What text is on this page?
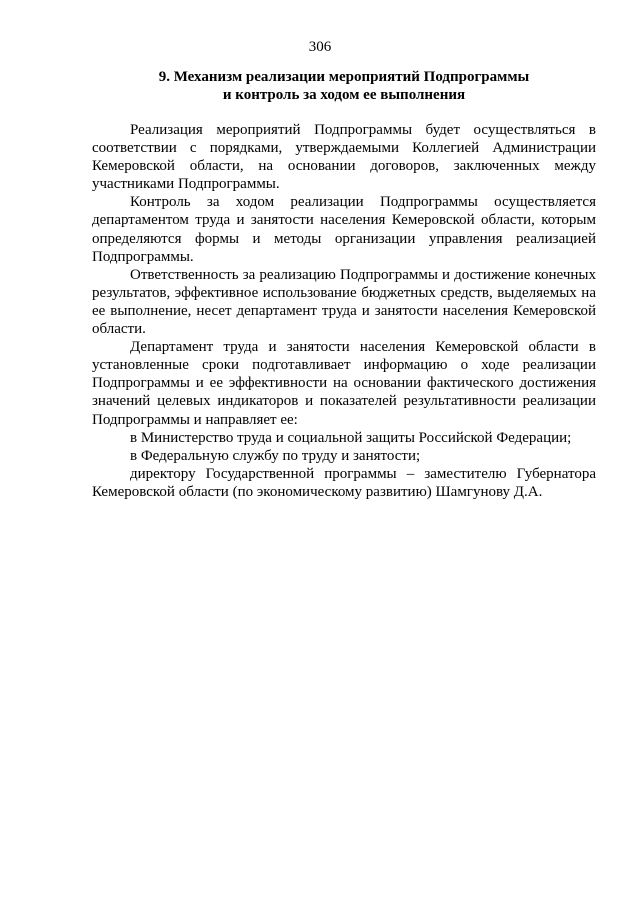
306
9. Механизм реализации мероприятий Подпрограммы
и контроль за ходом ее выполнения

Реализация мероприятий Подпрограммы будет осуществляться в соответствии с порядками, утверждаемыми Коллегией Администрации Кемеровской области, на основании договоров, заключенных между участниками Подпрограммы.

Контроль за ходом реализации Подпрограммы осуществляется департаментом труда и занятости населения Кемеровской области, которым определяются формы и методы организации управления реализацией Подпрограммы.

Ответственность за реализацию Подпрограммы и достижение конечных результатов, эффективное использование бюджетных средств, выделяемых на ее выполнение, несет департамент труда и занятости населения Кемеровской области.

Департамент труда и занятости населения Кемеровской области в установленные сроки подготавливает информацию о ходе реализации Подпрограммы и ее эффективности на основании фактического достижения значений целевых индикаторов и показателей результативности реализации Подпрограммы и направляет ее:

в Министерство труда и социальной защиты Российской Федерации;

в Федеральную службу по труду и занятости;

директору Государственной программы – заместителю Губернатора Кемеровской области (по экономическому развитию) Шамгунову Д.А.
